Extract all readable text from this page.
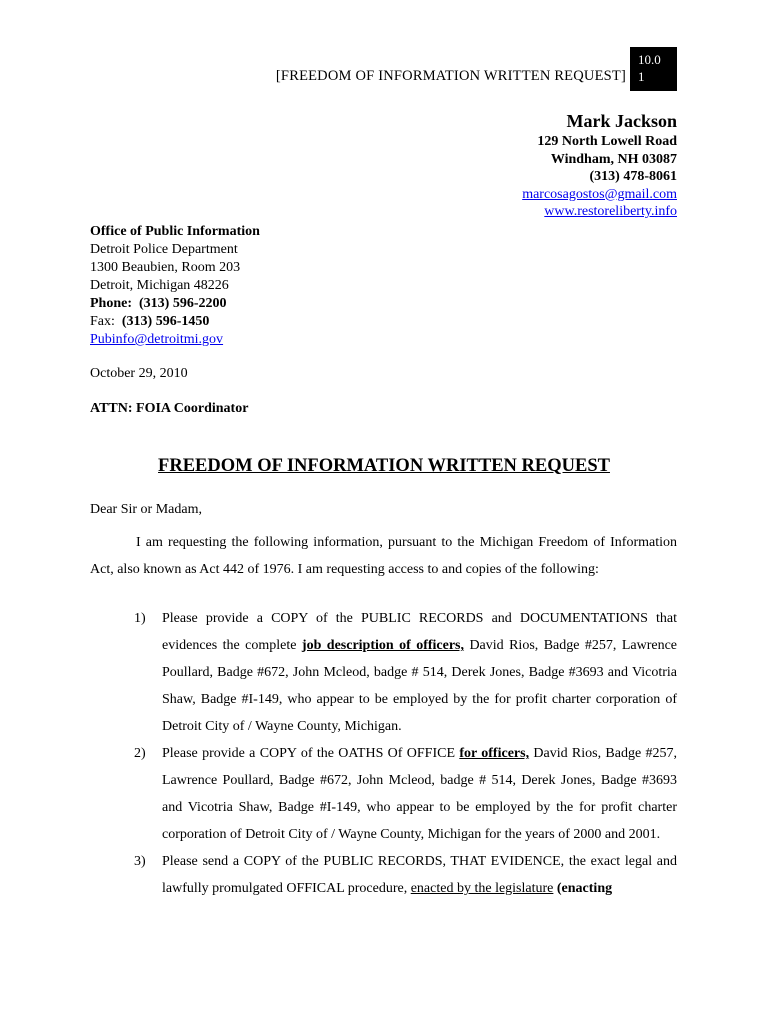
[FREEDOM OF INFORMATION WRITTEN REQUEST]
10.0
1
Mark Jackson
129 North Lowell Road
Windham, NH 03087
(313) 478-8061
marcosagostos@gmail.com
www.restoreliberty.info
Office of Public Information
Detroit Police Department
1300 Beaubien, Room 203
Detroit, Michigan 48226
Phone: (313) 596-2200
Fax: (313) 596-1450
Pubinfo@detroitmi.gov
October 29, 2010
ATTN: FOIA Coordinator
FREEDOM OF INFORMATION WRITTEN REQUEST
Dear Sir or Madam,

I am requesting the following information, pursuant to the Michigan Freedom of Information Act, also known as Act 442 of 1976. I am requesting access to and copies of the following:

1) Please provide a COPY of the PUBLIC RECORDS and DOCUMENTATIONS that evidences the complete job description of officers, David Rios, Badge #257, Lawrence Poullard, Badge #672, John Mcleod, badge # 514, Derek Jones, Badge #3693 and Vicotria Shaw, Badge #I-149, who appear to be employed by the for profit charter corporation of Detroit City of / Wayne County, Michigan.
2) Please provide a COPY of the OATHS Of OFFICE for officers, David Rios, Badge #257, Lawrence Poullard, Badge #672, John Mcleod, badge # 514, Derek Jones, Badge #3693 and Vicotria Shaw, Badge #I-149, who appear to be employed by the for profit charter corporation of Detroit City of / Wayne County, Michigan for the years of 2000 and 2001.
3) Please send a COPY of the PUBLIC RECORDS, THAT EVIDENCE, the exact legal and lawfully promulgated OFFICAL procedure, enacted by the legislature (enacting
